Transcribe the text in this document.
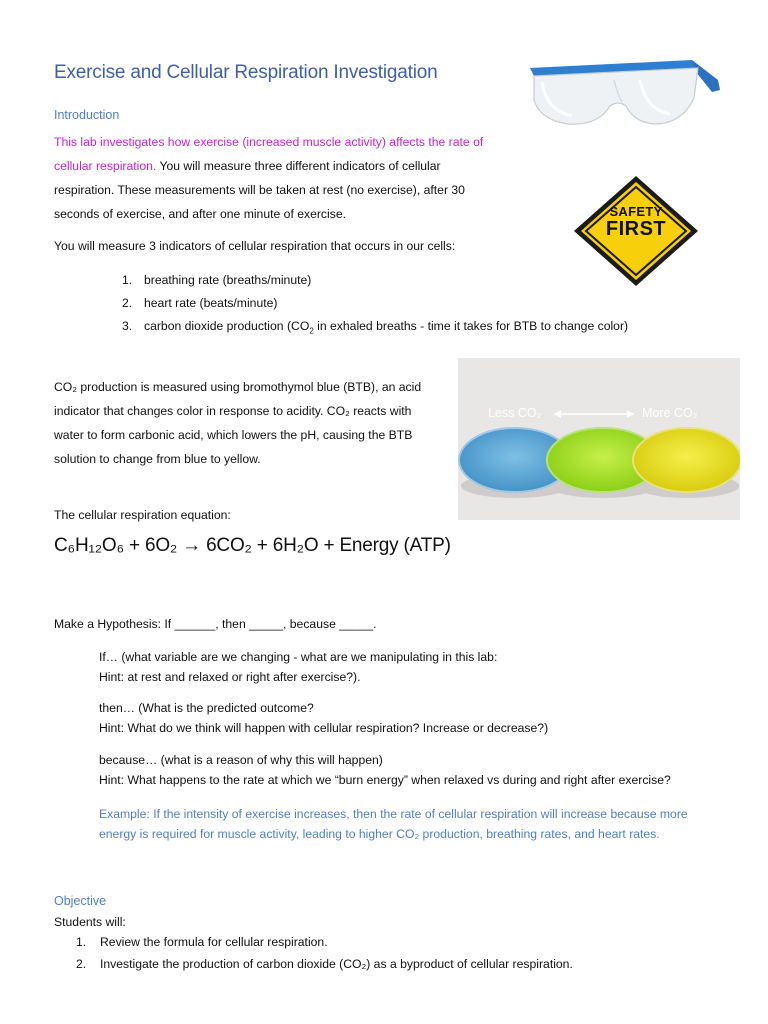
Exercise and Cellular Respiration Investigation
Introduction
This lab investigates how exercise (increased muscle activity) affects the rate of cellular respiration. You will measure three different indicators of cellular respiration. These measurements will be taken at rest (no exercise), after 30 seconds of exercise, and after one minute of exercise.	SAFETY
FIRST
You will measure 3 indicators of cellular respiration that occurs in our cells:
1. breathing rate (breaths/minute)
2. heart rate (beats/minute)
3. carbon dioxide production ($CO_2$ in exhaled breaths - time it takes for BTB to change color)
CO₂ production is measured using bromothymol blue (BTB), an acid indicator that changes color in response to acidity. CO₂ reacts with water to form carbonic acid, which lowers the pH, causing the BTB solution to change from blue to yellow.
Less CO₂	More CO₂
The cellular respiration equation:
C₆H₁₂O₆ + 6O₂ → 6CO₂ + 6H₂O + Energy (ATP)
Make a Hypothesis: If ______, then _____, because _____.
If… (what variable are we changing - what are we manipulating in this lab:
Hint: at rest and relaxed or right after exercise?).
then… (What is the predicted outcome?
Hint: What do we think will happen with cellular respiration? Increase or decrease?)
because… (what is a reason of why this will happen)
Hint: What happens to the rate at which we “burn energy” when relaxed vs during and right after exercise?
Example: If the intensity of exercise increases, then the rate of cellular respiration will increase because more energy is required for muscle activity, leading to higher CO₂ production, breathing rates, and heart rates.
Objective
Students will:
1. Review the formula for cellular respiration.
2. Investigate the production of carbon dioxide (CO₂) as a byproduct of cellular respiration.
